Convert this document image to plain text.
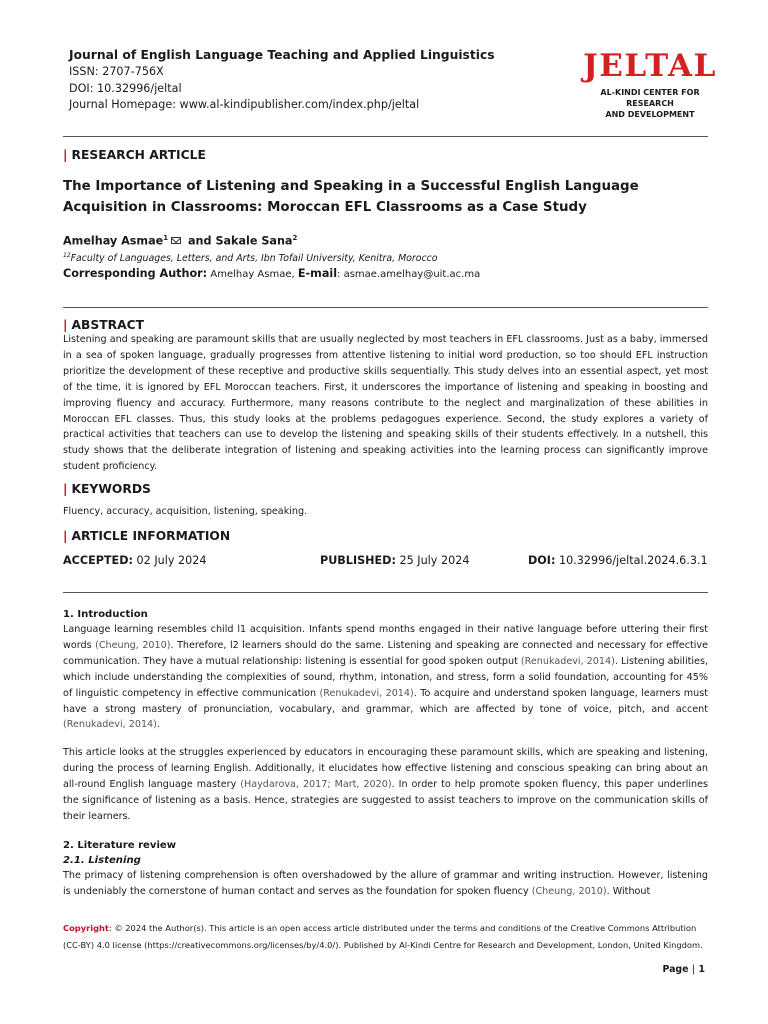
Journal of English Language Teaching and Applied Linguistics
ISSN: 2707-756X
DOI: 10.32996/jeltal
Journal Homepage: www.al-kindipublisher.com/index.php/jeltal
JELTAL
AL-KINDI CENTER FOR RESEARCH
AND DEVELOPMENT
| RESEARCH ARTICLE
The Importance of Listening and Speaking in a Successful English Language Acquisition in Classrooms: Moroccan EFL Classrooms as a Case Study
Amelhay Asmae$^1$ and Sakale Sana$^2$
$^{12}$Faculty of Languages, Letters, and Arts, Ibn Tofail University, Kenitra, Morocco
Corresponding Author: Amelhay Asmae, E-mail: asmae.amelhay@uit.ac.ma
| ABSTRACT
Listening and speaking are paramount skills that are usually neglected by most teachers in EFL classrooms. Just as a baby, immersed in a sea of spoken language, gradually progresses from attentive listening to initial word production, so too should EFL instruction prioritize the development of these receptive and productive skills sequentially. This study delves into an essential aspect, yet most of the time, it is ignored by EFL Moroccan teachers. First, it underscores the importance of listening and speaking in boosting and improving fluency and accuracy. Furthermore, many reasons contribute to the neglect and marginalization of these abilities in Moroccan EFL classes. Thus, this study looks at the problems pedagogues experience. Second, the study explores a variety of practical activities that teachers can use to develop the listening and speaking skills of their students effectively. In a nutshell, this study shows that the deliberate integration of listening and speaking activities into the learning process can significantly improve student proficiency.
| KEYWORDS
Fluency, accuracy, acquisition, listening, speaking.
| ARTICLE INFORMATION
ACCEPTED: 02 July 2024	PUBLISHED: 25 July 2024	DOI: 10.32996/jeltal.2024.6.3.1
1. Introduction
Language learning resembles child l1 acquisition. Infants spend months engaged in their native language before uttering their first words (Cheung, 2010). Therefore, l2 learners should do the same. Listening and speaking are connected and necessary for effective communication. They have a mutual relationship: listening is essential for good spoken output (Renukadevi, 2014). Listening abilities, which include understanding the complexities of sound, rhythm, intonation, and stress, form a solid foundation, accounting for 45% of linguistic competency in effective communication (Renukadevi, 2014). To acquire and understand spoken language, learners must have a strong mastery of pronunciation, vocabulary, and grammar, which are affected by tone of voice, pitch, and accent (Renukadevi, 2014).
This article looks at the struggles experienced by educators in encouraging these paramount skills, which are speaking and listening, during the process of learning English. Additionally, it elucidates how effective listening and conscious speaking can bring about an all-round English language mastery (Haydarova, 2017; Mart, 2020). In order to help promote spoken fluency, this paper underlines the significance of listening as a basis. Hence, strategies are suggested to assist teachers to improve on the communication skills of their learners.
2. Literature review
2.1. Listening
The primacy of listening comprehension is often overshadowed by the allure of grammar and writing instruction. However, listening is undeniably the cornerstone of human contact and serves as the foundation for spoken fluency (Cheung, 2010). Without
Copyright: © 2024 the Author(s). This article is an open access article distributed under the terms and conditions of the Creative Commons Attribution (CC-BY) 4.0 license (https://creativecommons.org/licenses/by/4.0/). Published by Al-Kindi Centre for Research and Development, London, United Kingdom.
Page | 1
